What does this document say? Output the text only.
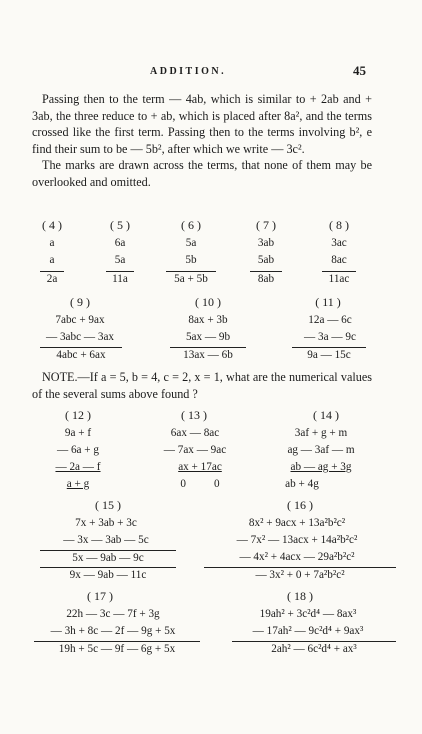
ADDITION.	45

Passing then to the term — 4ab, which is similar to + 2ab and + 3ab, the three reduce to + ab, which is placed after 8a², and the terms crossed like the first term. Passing then to the terms involving b², e find their sum to be — 5b², after which we write — 3c².

The marks are drawn across the terms, that none of them may be overlooked and omitted.

( 4 )
a
a
2a
( 5 )
6a
5a
11a
( 6 )
5a
5b
5a + 5b
( 7 )
3ab
5ab
8ab
( 8 )
3ac
8ac
11ac
( 9 )
7abc + 9ax
— 3abc — 3ax
4abc + 6ax
( 10 )
8ax + 3b
5ax — 9b
13ax — 6b
( 11 )
12a — 6c
— 3a — 9c
9a — 15c

NOTE.—If a = 5, b = 4, c = 2, x = 1, what are the numerical values of the several sums above found ?

( 12 )
9a + f
— 6a + g
— 2a — f
a + g
( 13 )
6ax — 8ac
— 7ax — 9ac
ax + 17ac
0          0
( 14 )
3af + g + m
ag — 3af — m
ab — ag + 3g
ab + 4g
( 15 )
7x + 3ab + 3c
— 3x — 3ab — 5c
5x — 9ab — 9c
9x — 9ab — 11c
( 16 )
8x² + 9acx + 13a²b²c²
— 7x² — 13acx + 14a²b²c²
— 4x² + 4acx — 29a²b²c²
— 3x² + 0 + 7a²b²c²
( 17 )
22h — 3c — 7f + 3g
— 3h + 8c — 2f — 9g + 5x
19h + 5c — 9f — 6g + 5x
( 18 )
19ah² + 3c²d⁴ — 8ax³
— 17ah² — 9c²d⁴ + 9ax³
2ah² — 6c²d⁴ + ax³
